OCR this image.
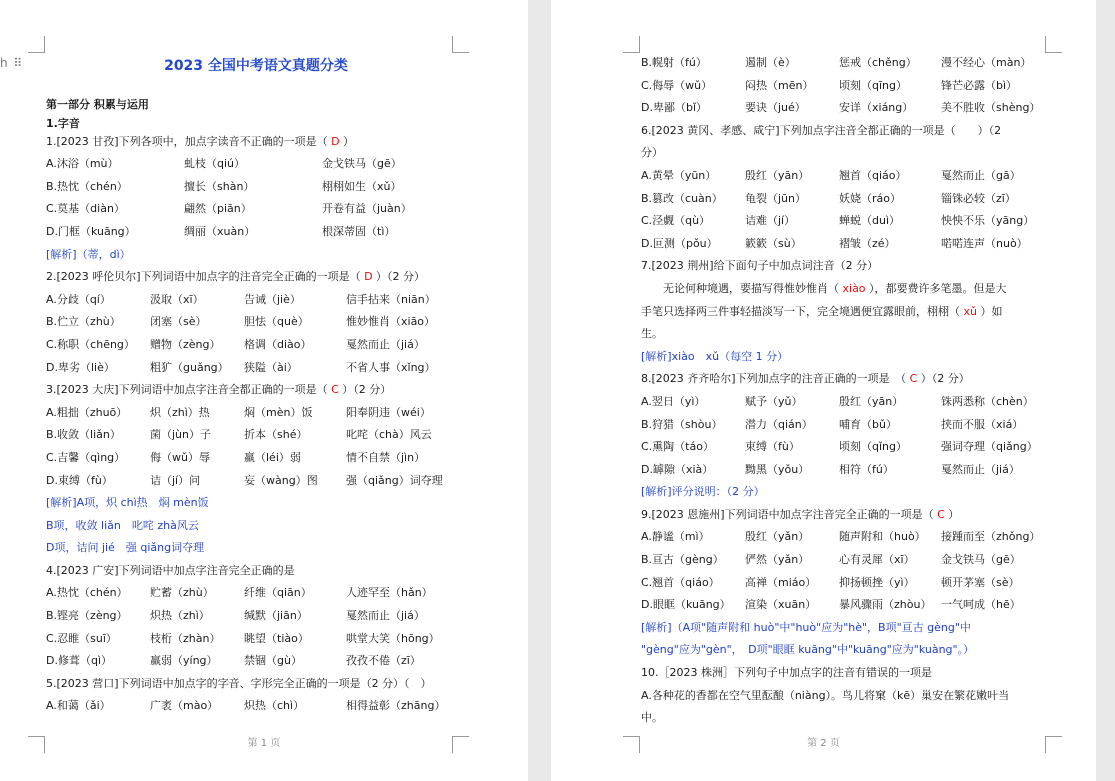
h ⠿	2023 全国中考语文真题分类
第一部分 积累与运用
1.字音
1.[2023 甘孜]下列各项中，加点字读音不正确的一项是（ D ）
A.沐浴（mù）	虬枝（qiú）	金戈铁马（gē）
B.热忱（chén）	擅长（shàn）	栩栩如生（xǔ）
C.莫基（diàn）	翩然（piān）	开卷有益（juàn）
D.门框（kuāng）	绸丽（xuàn）	根深蒂固（tì）
[解析]（蒂，dì）
2.[2023 呼伦贝尔]下列词语中加点字的注音完全正确的一项是（ D ）（2 分）
A.分歧（qí）	汲取（xī）	告诫（jiè）	信手拈来（niān）
B.伫立（zhù）	闭塞（sè）	胆怯（què）	惟妙惟肖（xiāo）
C.称职（chēng） 赠物（zèng） 格调（diào）	戛然而止（jiá）
D.卑劣（liè）	粗犷（guǎng） 狭隘（ài）	不省人事（xǐng）
3.[2023 大庆]下列词语中加点字注音全都正确的一项是（ C ）（2 分）
A.粗拙（zhuō） 炽（zhì）热	焖（mèn）饭	阳奉阴违（wéi）
B.收敛（liǎn）	菌（jùn）子	折本（shé）	叱咤（chà）风云
C.吉馨（qìng） 侮（wǔ）辱	羸（léi）弱	情不自禁（jìn）
D.束缚（fù）	诘（jí）问	妄（wàng）图	强（qiǎng）词夺理
[解析]A项，炽 chì热　焖 mèn饭
B项，收敛 liǎn　叱咤 zhà风云
D项，诘问 jié　强 qiǎng词夺理
4.[2023 广安]下列词语中加点字注音完全正确的是
A.热忱（chén） 贮蓄（zhù）	纤维（qiān）	人迹罕至（hǎn）
B.铿亮（zèng） 炽热（zhì）	缄默（jiān）	戛然而止（jiá）
C.忍睢（suī）	枝桁（zhàn） 眺望（tiào）	哄堂大笑（hōng）
D.修葺（qì）	羸弱（yíng） 禁锢（gù）	孜孜不倦（zī）
5.[2023 营口]下列词语中加点字的字音、字形完全正确的一项是（2 分）（　）
A.和蔼（ǎi）	广袤（mào） 炽热（chì）	相得益彰（zhāng）
第 1 页
B.幌射（fú）	遏制（è）	惩戒（chěng） 漫不经心（màn）
C.侮辱（wǔ）	闷热（mēn） 顷刻（qīng）	锋芒必露（bì）
D.卑鄙（bǐ）	要诀（jué）	安详（xiáng）	美不胜收（shèng）
6.[2023 黄冈、孝感、咸宁]下列加点字注音全都正确的一项是（　　）（2
分）
A.黄晕（yūn）	殷红（yān）	翘首（qiáo）	戛然而止（gā）
B.篡改（cuàn） 龟裂（jūn）	妖娆（ráo）	锱铢必较（zī）
C.泾觑（qù）	诘难（jí）	蝉蜕（duì）	怏怏不乐（yāng）
D.叵测（pǒu） 簌簌（sù）	褶皱（zé）	喏喏连声（nuò）
7.[2023 荆州]给下面句子中加点词注音（2 分）
无论何种境遇，要描写得惟妙惟肖（ xiào ），都要费许多笔墨。但是大
手笔只选择两三件事轻描淡写一下，完全境遇便宜露眼前，栩栩（ xǔ ）如
生。
[解析]xiào　xǔ（每空 1 分）
8.[2023 齐齐哈尔]下列加点字的注音正确的一项是　（ C ）（2 分）
A.翌日（yì）	赋予（yǔ）	殷红（yān）	铢两悉称（chèn）
B.狩猎（shòu） 潜力（qián） 哺育（bǔ）	挟而不服（xiá）
C.熏陶（táo）	束缚（fù）	顷刻（qǐng）	强词夺理（qiǎng）
D.罅隙（xià）	黝黑（yǒu）	相符（fú）	戛然而止（jiá）
[解析]评分说明：（2 分）
9.[2023 恩施州]下列词语中加点字注音完全正确的一项是（ C ）
A.静谧（mì）	殷红（yǎn）	随声附和（huò） 接踵而至（zhǒng）
B.亘古（gèng） 俨然（yǎn）	心有灵犀（xī） 金戈铁马（gē）
C.翘首（qiáo） 高禅（miáo） 抑扬顿挫（yì） 顿开茅塞（sè）
D.眼眶（kuāng） 渲染（xuān） 暴风骤雨（zhòu） 一气呵成（hē）
[解析]（A项"随声附和 huò"中"huò"应为"hè"，B项"亘古 gèng"中
"gèng"应为"gèn"，　D项"眼眶 kuāng"中"kuāng"应为"kuàng"。）
10.［2023 株洲］下列句子中加点字的注音有错误的一项是
A.各种花的香都在空气里酝酿（niàng）。鸟儿将窠（kē）巢安在繁花嫩叶当
中。
第 2 页
